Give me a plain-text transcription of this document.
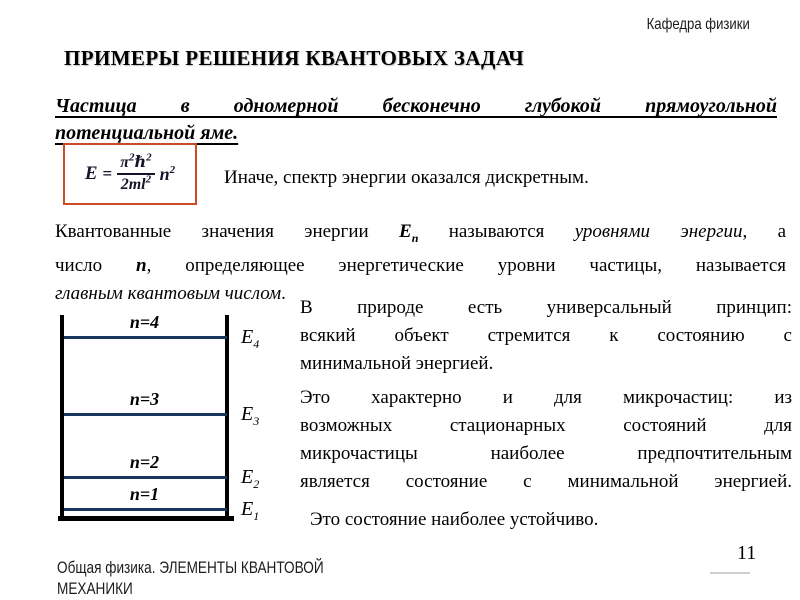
Кафедра физики
ПРИМЕРЫ РЕШЕНИЯ КВАНТОВЫХ ЗАДАЧ
Частица в одномерной бесконечно глубокой прямоугольной
потенциальной яме.
$E = \frac{\pi^2\hbar^2}{2ml^2} n^2$	Иначе, спектр энергии оказался дискретным.
Квантованные значения энергии $E_n$ называются уровнями энергии, а
число n, определяющее энергетические уровни частицы, называется
главным квантовым числом.
n=4
n=3
n=2
n=1
$E_4$
$E_3$
$E_2$
$E_1$
В природе есть универсальный принцип:
всякий объект стремится к состоянию с
минимальной энергией.
Это характерно и для микрочастиц: из
возможных стационарных состояний для
микрочастицы наиболее предпочтительным
является состояние с минимальной энергией.
Это состояние наиболее устойчиво.
Общая физика. ЭЛЕМЕНТЫ КВАНТОВОЙ МЕХАНИКИ
11
